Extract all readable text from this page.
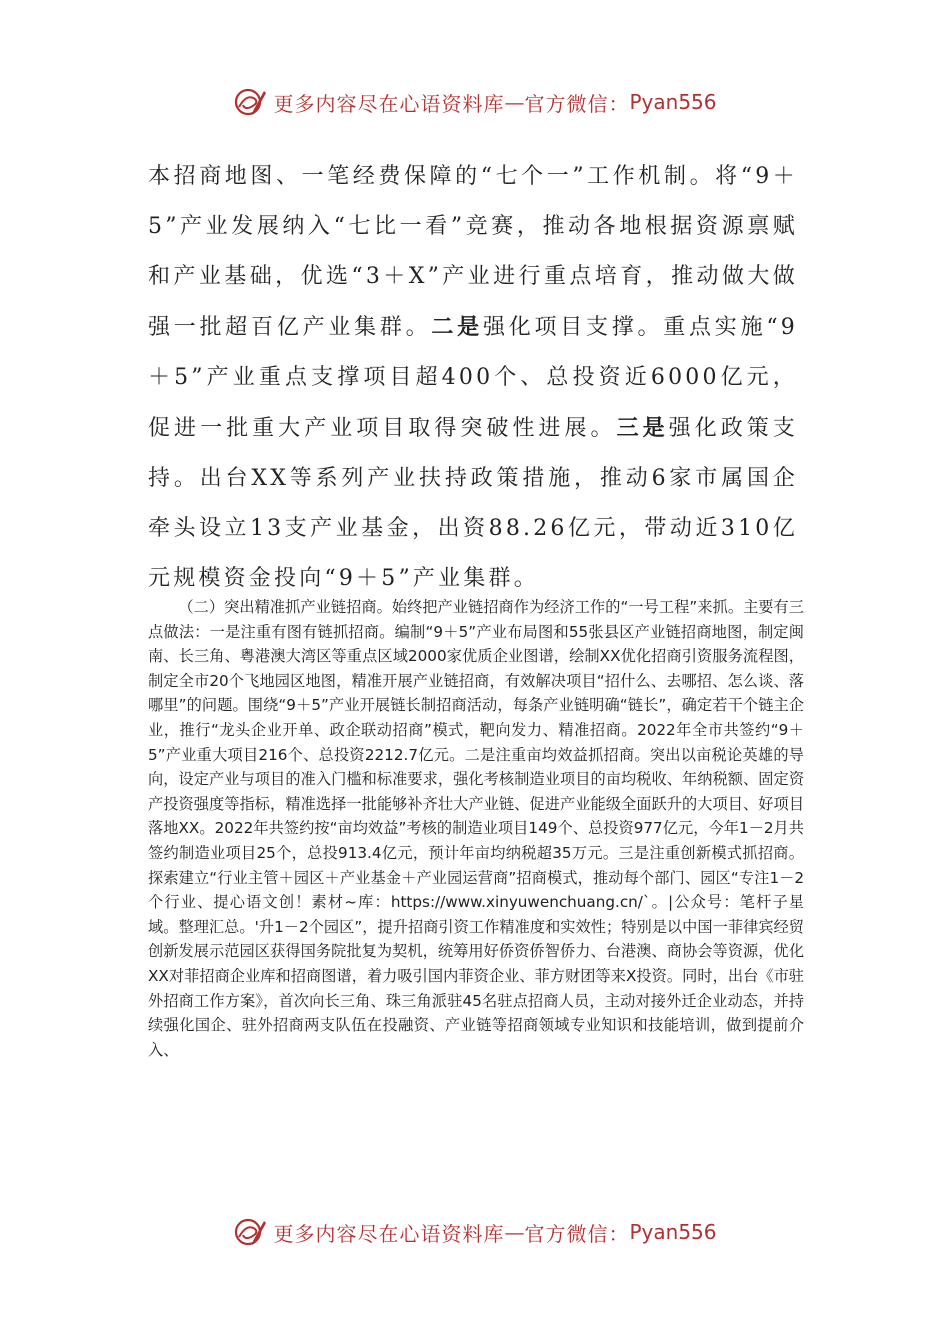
更多内容尽在心语资料库 — 官方微信： Pyan556

本招商地图、一笔经费保障的“七个一”工作机制。将“9＋5”产业发展纳入“七比一看”竞赛，推动各地根据资源禀赋和产业基础，优选“3＋X”产业进行重点培育，推动做大做强一批超百亿产业集群。二是强化项目支撑。重点实施“9＋5”产业重点支撑项目超400个、总投资近6000亿元，促进一批重大产业项目取得突破性进展。三是强化政策支持。出台XX等系列产业扶持政策措施，推动6家市属国企牵头设立13支产业基金，出资88.26亿元，带动近310亿元规模资金投向“9＋5”产业集群。

（二）突出精准抓产业链招商。始终把产业链招商作为经济工作的“一号工程”来抓。主要有三点做法：一是注重有图有链抓招商。编制“9＋5”产业布局图和55张县区产业链招商地图，制定闽南、长三角、粤港澳大湾区等重点区域2000家优质企业图谱，绘制XX优化招商引资服务流程图，制定全市20个飞地园区地图，精准开展产业链招商，有效解决项目“招什么、去哪招、怎么谈、落哪里”的问题。围绕“9＋5”产业开展链长制招商活动，每条产业链明确“链长”，确定若干个链主企业，推行“龙头企业开单、政企联动招商”模式，靶向发力、精准招商。2022年全市共签约“9＋5”产业重大项目216个、总投资2212.7亿元。二是注重亩均效益抓招商。突出以亩税论英雄的导向，设定产业与项目的准入门槛和标准要求，强化考核制造业项目的亩均税收、年纳税额、固定资产投资强度等指标，精准选择一批能够补齐壮大产业链、促进产业能级全面跃升的大项目、好项目落地XX。2022年共签约按“亩均效益”考核的制造业项目149个、总投资977亿元，今年1－2月共签约制造业项目25个，总投913.4亿元，预计年亩均纳税超35万元。三是注重创新模式抓招商。探索建立“行业主管＋园区＋产业基金＋产业园运营商”招商模式，推动每个部门、园区“专注1－2个行业、提心语文创！素材~库：https://www.xinyuwenchuang.cn/`。|公众号：笔杆子星域。整理汇总。'升1－2个园区”，提升招商引资工作精准度和实效性；特别是以中国一菲律宾经贸创新发展示范园区获得国务院批复为契机，统筹用好侨资侨智侨力、台港澳、商协会等资源，优化XX对菲招商企业库和招商图谱，着力吸引国内菲资企业、菲方财团等来X投资。同时，出台《市驻外招商工作方案》，首次向长三角、珠三角派驻45名驻点招商人员，主动对接外迁企业动态，并持续强化国企、驻外招商两支队伍在投融资、产业链等招商领域专业知识和技能培训，做到提前介入、

更多内容尽在心语资料库 — 官方微信： Pyan556
